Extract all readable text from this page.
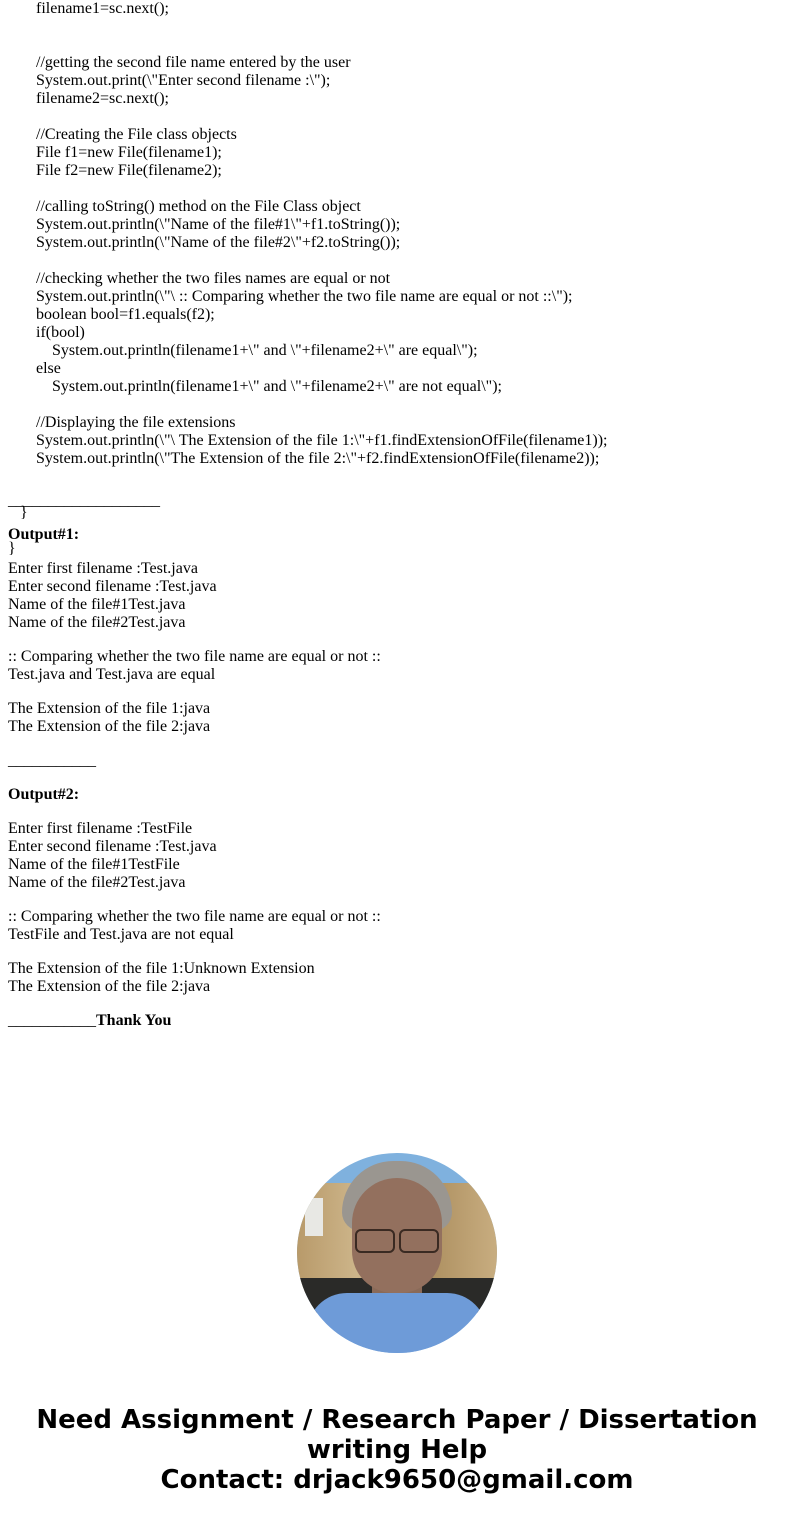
filename1=sc.next();
//getting the second file name entered by the user
System.out.print(\"Enter second filename :\");
filename2=sc.next();
//Creating the File class objects
File f1=new File(filename1);
File f2=new File(filename2);
//calling toString() method on the File Class object
System.out.println(\"Name of the file#1\"+f1.toString());
System.out.println(\"Name of the file#2\"+f2.toString());
//checking whether the two files names are equal or not
System.out.println(\"\ :: Comparing whether the two file name are equal or not ::\");
boolean bool=f1.equals(f2);
if(bool)
System.out.println(filename1+\" and \"+filename2+\" are equal\");
else
System.out.println(filename1+\" and \"+filename2+\" are not equal\");
//Displaying the file extensions
System.out.println(\"\ The Extension of the file 1:\"+f1.findExtensionOfFile(filename1));
System.out.println(\"The Extension of the file 2:\"+f2.findExtensionOfFile(filename2));
}
}

___________________

Output#1:

Enter first filename :Test.java
Enter second filename :Test.java
Name of the file#1Test.java
Name of the file#2Test.java

:: Comparing whether the two file name are equal or not ::
Test.java and Test.java are equal

The Extension of the file 1:java
The Extension of the file 2:java

___________

Output#2:

Enter first filename :TestFile
Enter second filename :Test.java
Name of the file#1TestFile
Name of the file#2Test.java

:: Comparing whether the two file name are equal or not ::
TestFile and Test.java are not equal

The Extension of the file 1:Unknown Extension
The Extension of the file 2:java

___________Thank You

Need Assignment / Research Paper / Dissertation
writing Help
Contact: drjack9650@gmail.com
